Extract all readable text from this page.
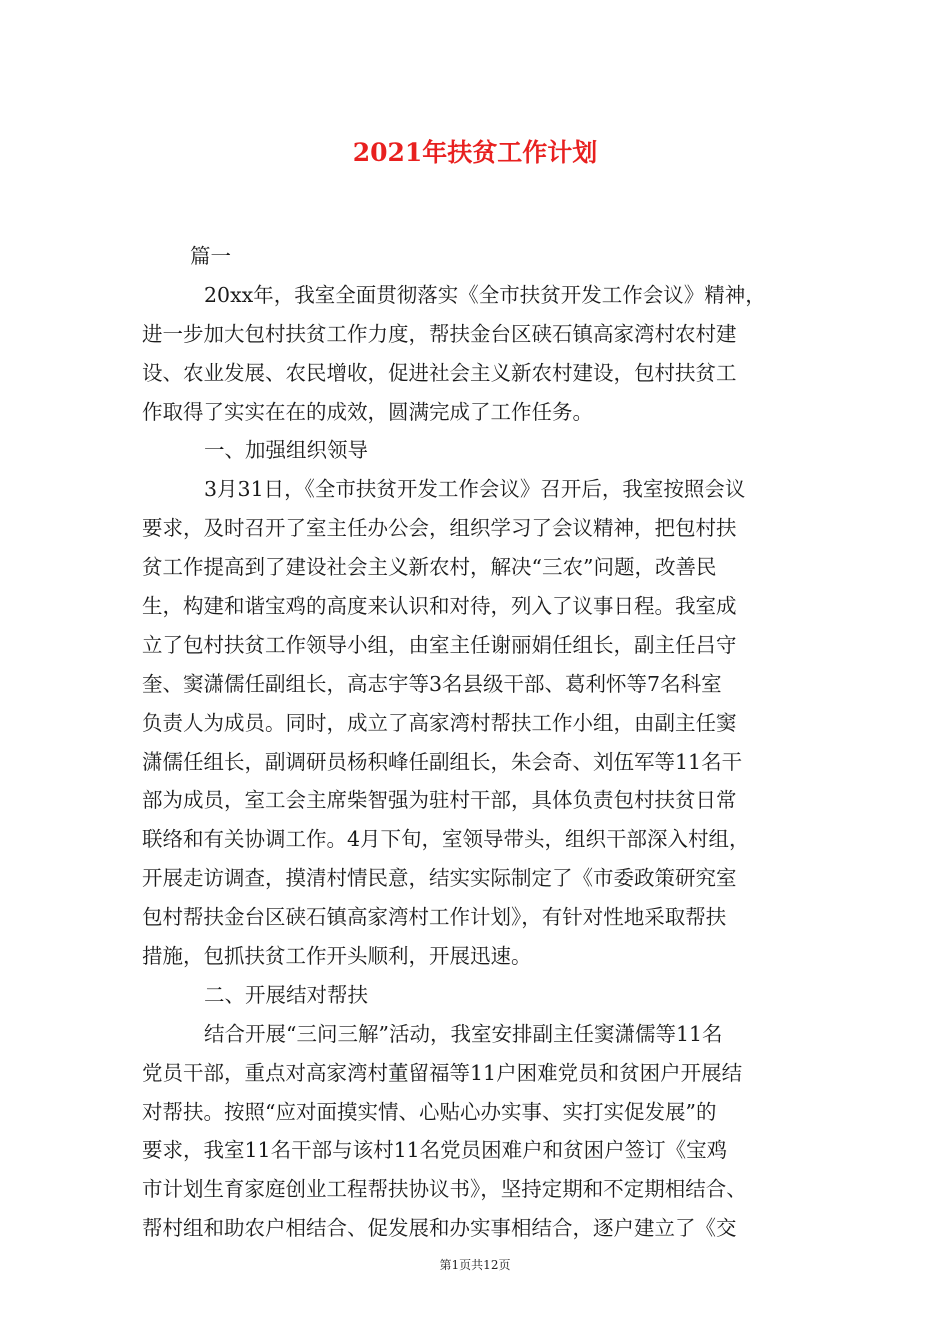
2021年扶贫工作计划
篇一
20xx年，我室全面贯彻落实《全市扶贫开发工作会议》精神，
进一步加大包村扶贫工作力度，帮扶金台区硖石镇高家湾村农村建
设、农业发展、农民增收，促进社会主义新农村建设，包村扶贫工
作取得了实实在在的成效，圆满完成了工作任务。
一、加强组织领导
3月31日，《全市扶贫开发工作会议》召开后，我室按照会议
要求，及时召开了室主任办公会，组织学习了会议精神，把包村扶
贫工作提高到了建设社会主义新农村，解决“三农”问题，改善民
生，构建和谐宝鸡的高度来认识和对待，列入了议事日程。我室成
立了包村扶贫工作领导小组，由室主任谢丽娟任组长，副主任吕守
奎、窦潇儒任副组长，高志宇等3名县级干部、葛利怀等7名科室
负责人为成员。同时，成立了高家湾村帮扶工作小组，由副主任窦
潇儒任组长，副调研员杨积峰任副组长，朱会奇、刘伍军等11名干
部为成员，室工会主席柴智强为驻村干部，具体负责包村扶贫日常
联络和有关协调工作。4月下旬，室领导带头，组织干部深入村组，
开展走访调查，摸清村情民意，结实实际制定了《市委政策研究室
包村帮扶金台区硖石镇高家湾村工作计划》，有针对性地采取帮扶
措施，包抓扶贫工作开头顺利，开展迅速。
二、开展结对帮扶
结合开展“三问三解”活动，我室安排副主任窦潇儒等11名
党员干部，重点对高家湾村董留福等11户困难党员和贫困户开展结
对帮扶。按照“应对面摸实情、心贴心办实事、实打实促发展”的
要求，我室11名干部与该村11名党员困难户和贫困户签订《宝鸡
市计划生育家庭创业工程帮扶协议书》，坚持定期和不定期相结合、
帮村组和助农户相结合、促发展和办实事相结合，逐户建立了《交
第1页共12页
